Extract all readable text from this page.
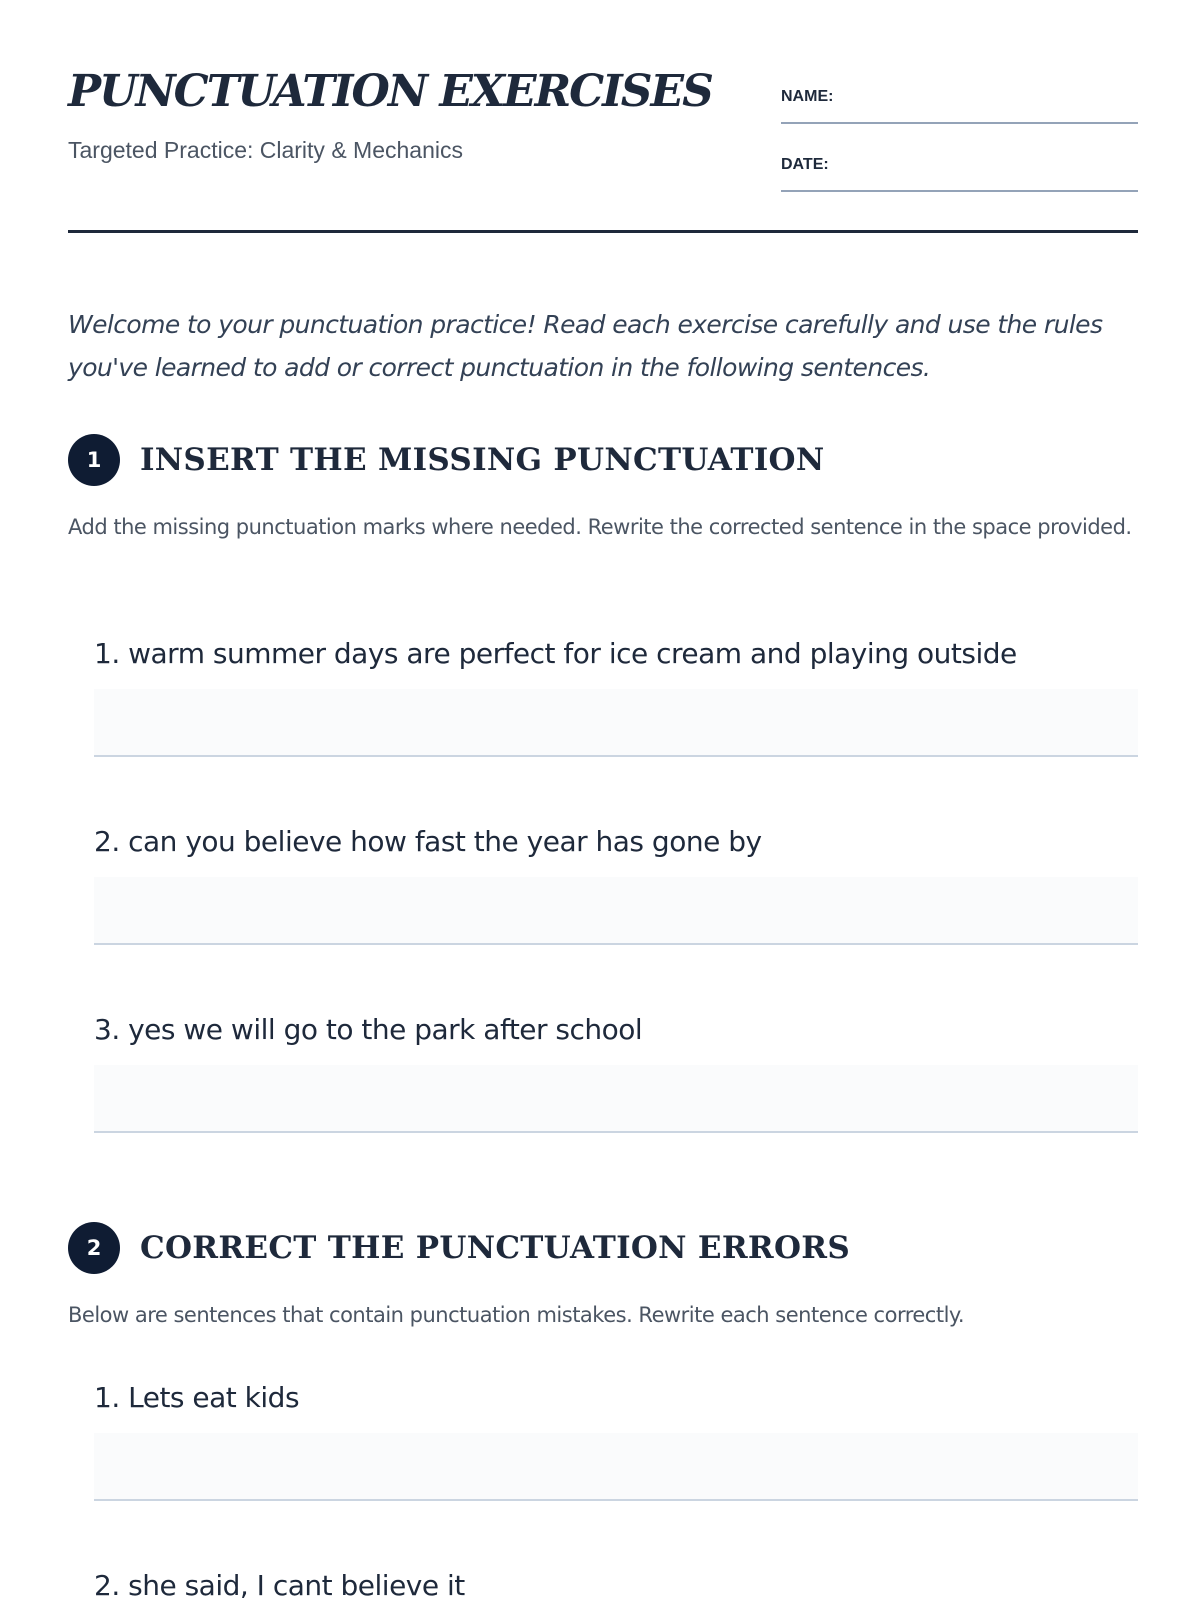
PUNCTUATION EXERCISES
Targeted Practice: Clarity & Mechanics
NAME:
DATE:

Welcome to your punctuation practice! Read each exercise carefully and use the rules you've learned to add or correct punctuation in the following sentences.

1	INSERT THE MISSING PUNCTUATION
Add the missing punctuation marks where needed. Rewrite the corrected sentence in the space provided.
1. warm summer days are perfect for ice cream and playing outside
2. can you believe how fast the year has gone by
3. yes we will go to the park after school
2	CORRECT THE PUNCTUATION ERRORS
Below are sentences that contain punctuation mistakes. Rewrite each sentence correctly.
1. Lets eat kids
2. she said, I cant believe it
